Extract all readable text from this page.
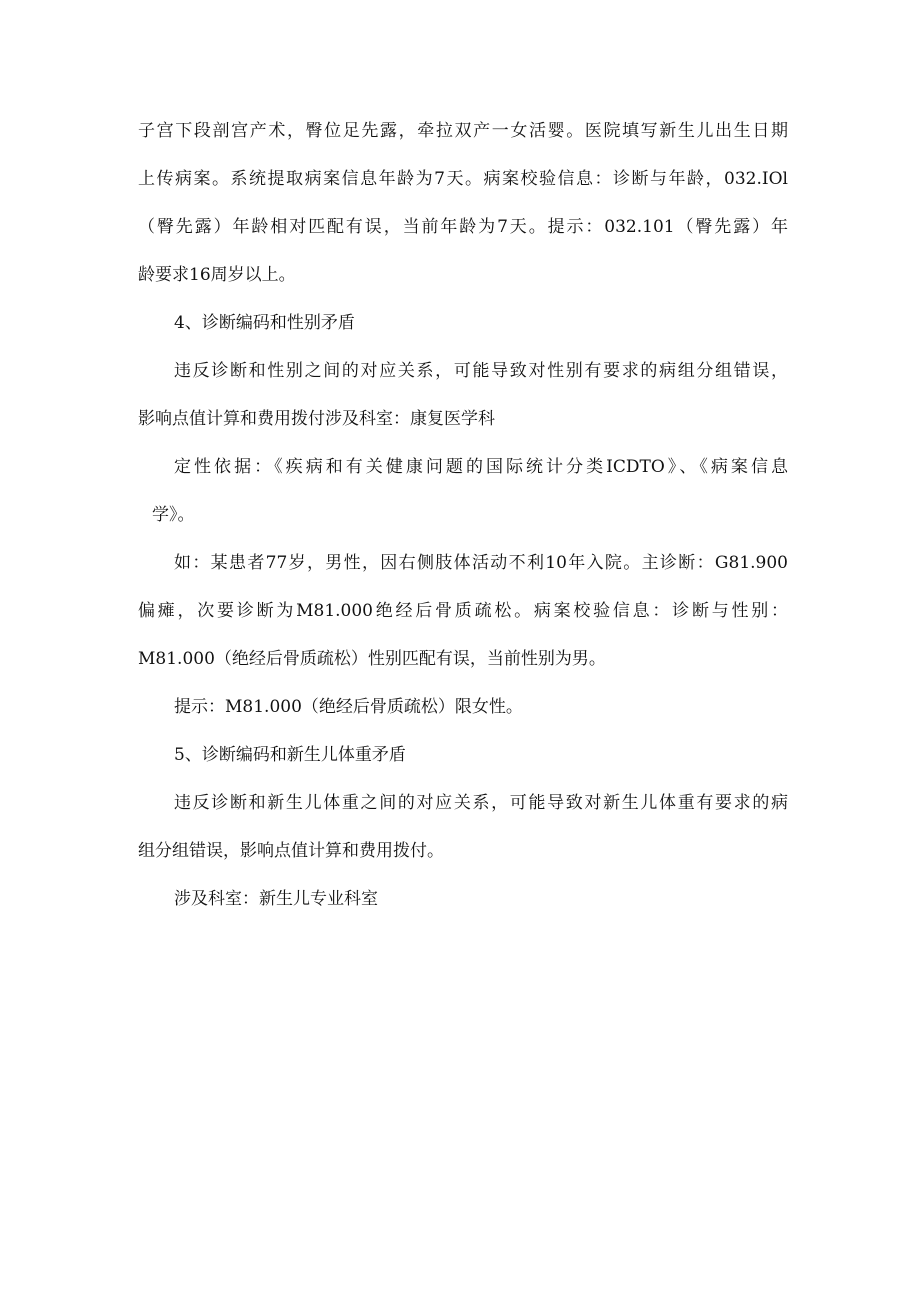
子宫下段剖宫产术，臀位足先露，牵拉双产一女活婴。医院填写新生儿出生日期
上传病案。系统提取病案信息年龄为7天。病案校验信息：诊断与年龄，032.IOl
（臀先露）年龄相对匹配有误，当前年龄为7天。提示：032.101（臀先露）年
龄要求16周岁以上。
4、诊断编码和性别矛盾
违反诊断和性别之间的对应关系，可能导致对性别有要求的病组分组错误，
影响点值计算和费用拨付涉及科室：康复医学科
定性依据：《疾病和有关健康问题的国际统计分类ICDTO》、《病案信息
学》。
如：某患者77岁，男性，因右侧肢体活动不利10年入院。主诊断：G81.900
偏瘫，次要诊断为M81.000绝经后骨质疏松。病案校验信息：诊断与性别：
M81.000（绝经后骨质疏松）性别匹配有误，当前性别为男。
提示：M81.000（绝经后骨质疏松）限女性。
5、诊断编码和新生儿体重矛盾
违反诊断和新生儿体重之间的对应关系，可能导致对新生儿体重有要求的病
组分组错误，影响点值计算和费用拨付。
涉及科室：新生儿专业科室
